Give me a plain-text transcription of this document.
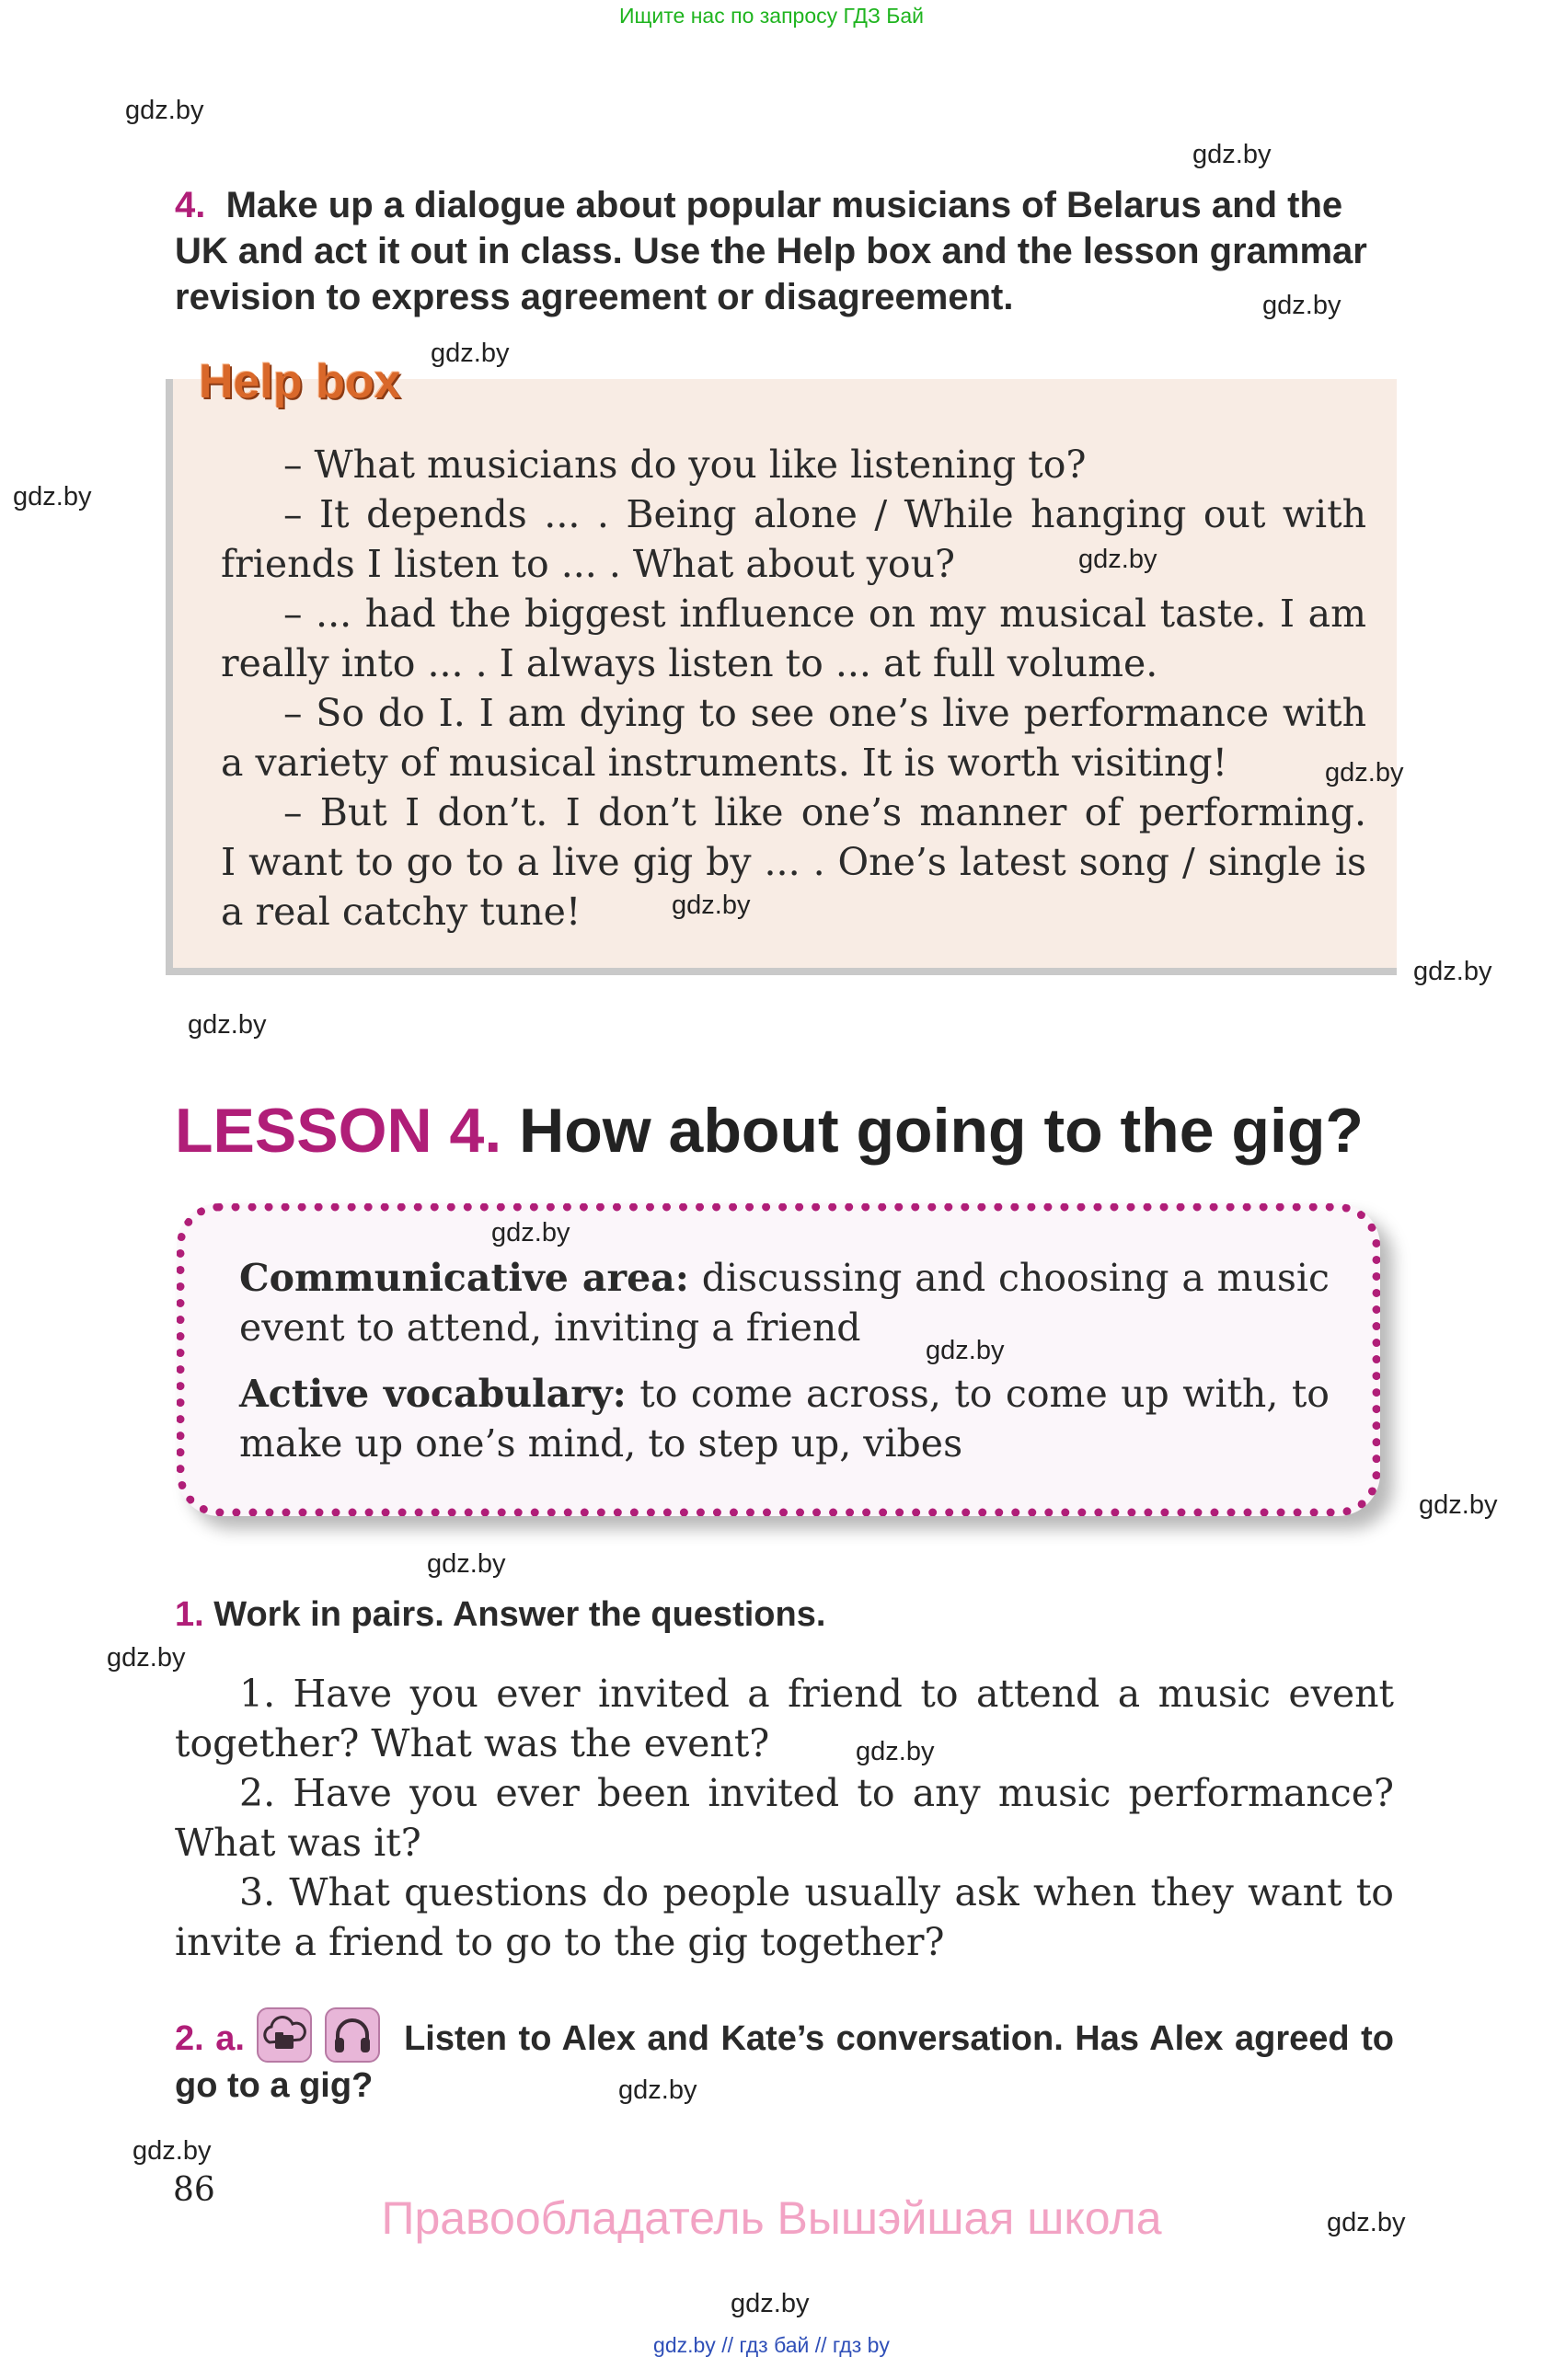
Ищите нас по запросу ГДЗ Бай
gdz.by
gdz.by
gdz.by
gdz.by
gdz.by
gdz.by
gdz.by
gdz.by
gdz.by
gdz.by
gdz.by
gdz.by
gdz.by
gdz.by
gdz.by
gdz.by
gdz.by
gdz.by
gdz.by
gdz.by
4. Make up a dialogue about popular musicians of Belarus and the
UK and act it out in class. Use the Help box and the lesson grammar
revision to express agreement or disagreement.
Help box
– What musicians do you like listening to?
– It depends ... . Being alone / While hanging out with
friends I listen to ... . What about you?
– ... had the biggest influence on my musical taste. I am
really into ... . I always listen to ... at full volume.
– So do I. I am dying to see one’s live performance with
a variety of musical instruments. It is worth visiting!
– But I don’t. I don’t like one’s manner of performing.
I want to go to a live gig by ... . One’s latest song / single is
a real catchy tune!
LESSON 4. How about going to the gig?
Communicative area: discussing and choosing a music event to attend, inviting a friend
Active vocabulary: to come across, to come up with, to make up one’s mind, to step up, vibes
1. Work in pairs. Answer the questions.
1. Have you ever invited a friend to attend a music event together? What was the event?
2. Have you ever been invited to any music performance? What was it?
3. What questions do people usually ask when they want to invite a friend to go to the gig together?
2. a.	Listen to Alex and Kate’s conversation. Has Alex agreed to go to a gig?
86
Правообладатель Вышэйшая школа
gdz.by // гдз бай // гдз by
